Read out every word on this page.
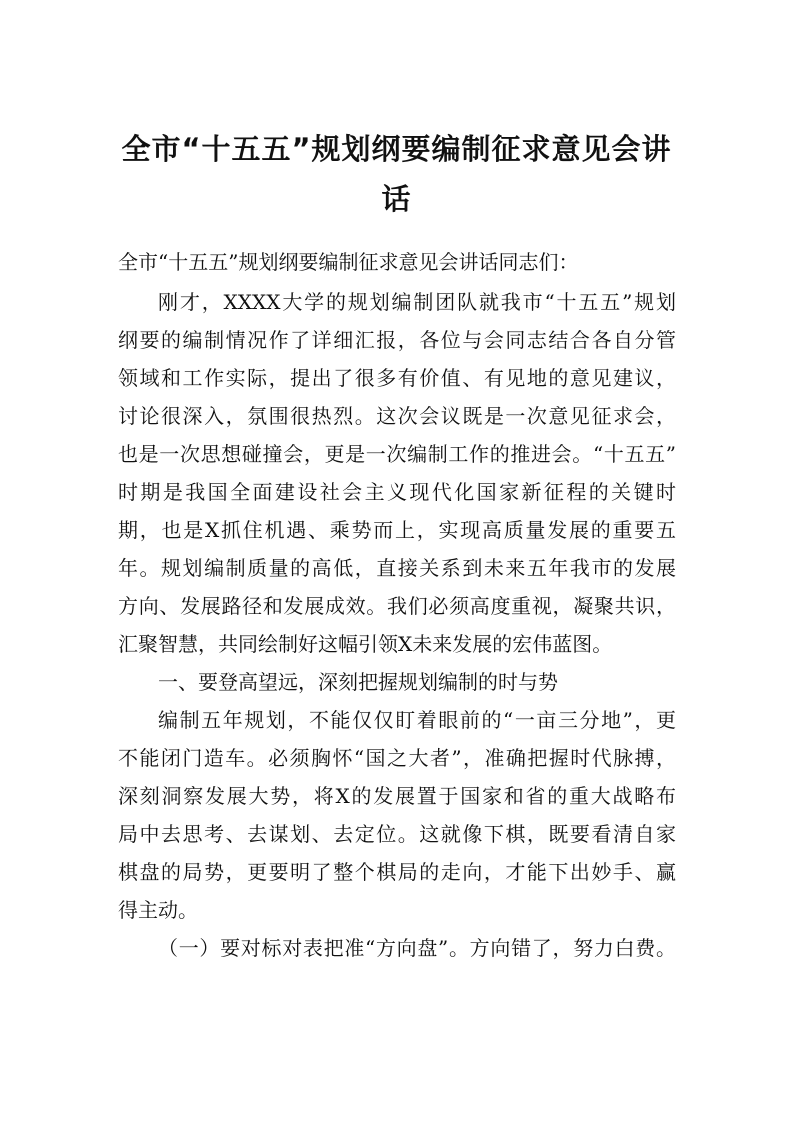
全市“十五五”规划纲要编制征求意见会讲
话
全市“十五五”规划纲要编制征求意见会讲话同志们：
刚才，XXXX大学的规划编制团队就我市“十五五”规划
纲要的编制情况作了详细汇报，各位与会同志结合各自分管
领域和工作实际，提出了很多有价值、有见地的意见建议，
讨论很深入，氛围很热烈。这次会议既是一次意见征求会，
也是一次思想碰撞会，更是一次编制工作的推进会。“十五五”
时期是我国全面建设社会主义现代化国家新征程的关键时
期，也是X抓住机遇、乘势而上，实现高质量发展的重要五
年。规划编制质量的高低，直接关系到未来五年我市的发展
方向、发展路径和发展成效。我们必须高度重视，凝聚共识，
汇聚智慧，共同绘制好这幅引领X未来发展的宏伟蓝图。
一、要登高望远，深刻把握规划编制的时与势
编制五年规划，不能仅仅盯着眼前的“一亩三分地”，更
不能闭门造车。必须胸怀“国之大者”，准确把握时代脉搏，
深刻洞察发展大势，将X的发展置于国家和省的重大战略布
局中去思考、去谋划、去定位。这就像下棋，既要看清自家
棋盘的局势，更要明了整个棋局的走向，才能下出妙手、赢
得主动。
（一）要对标对表把准“方向盘”。方向错了，努力白费。
